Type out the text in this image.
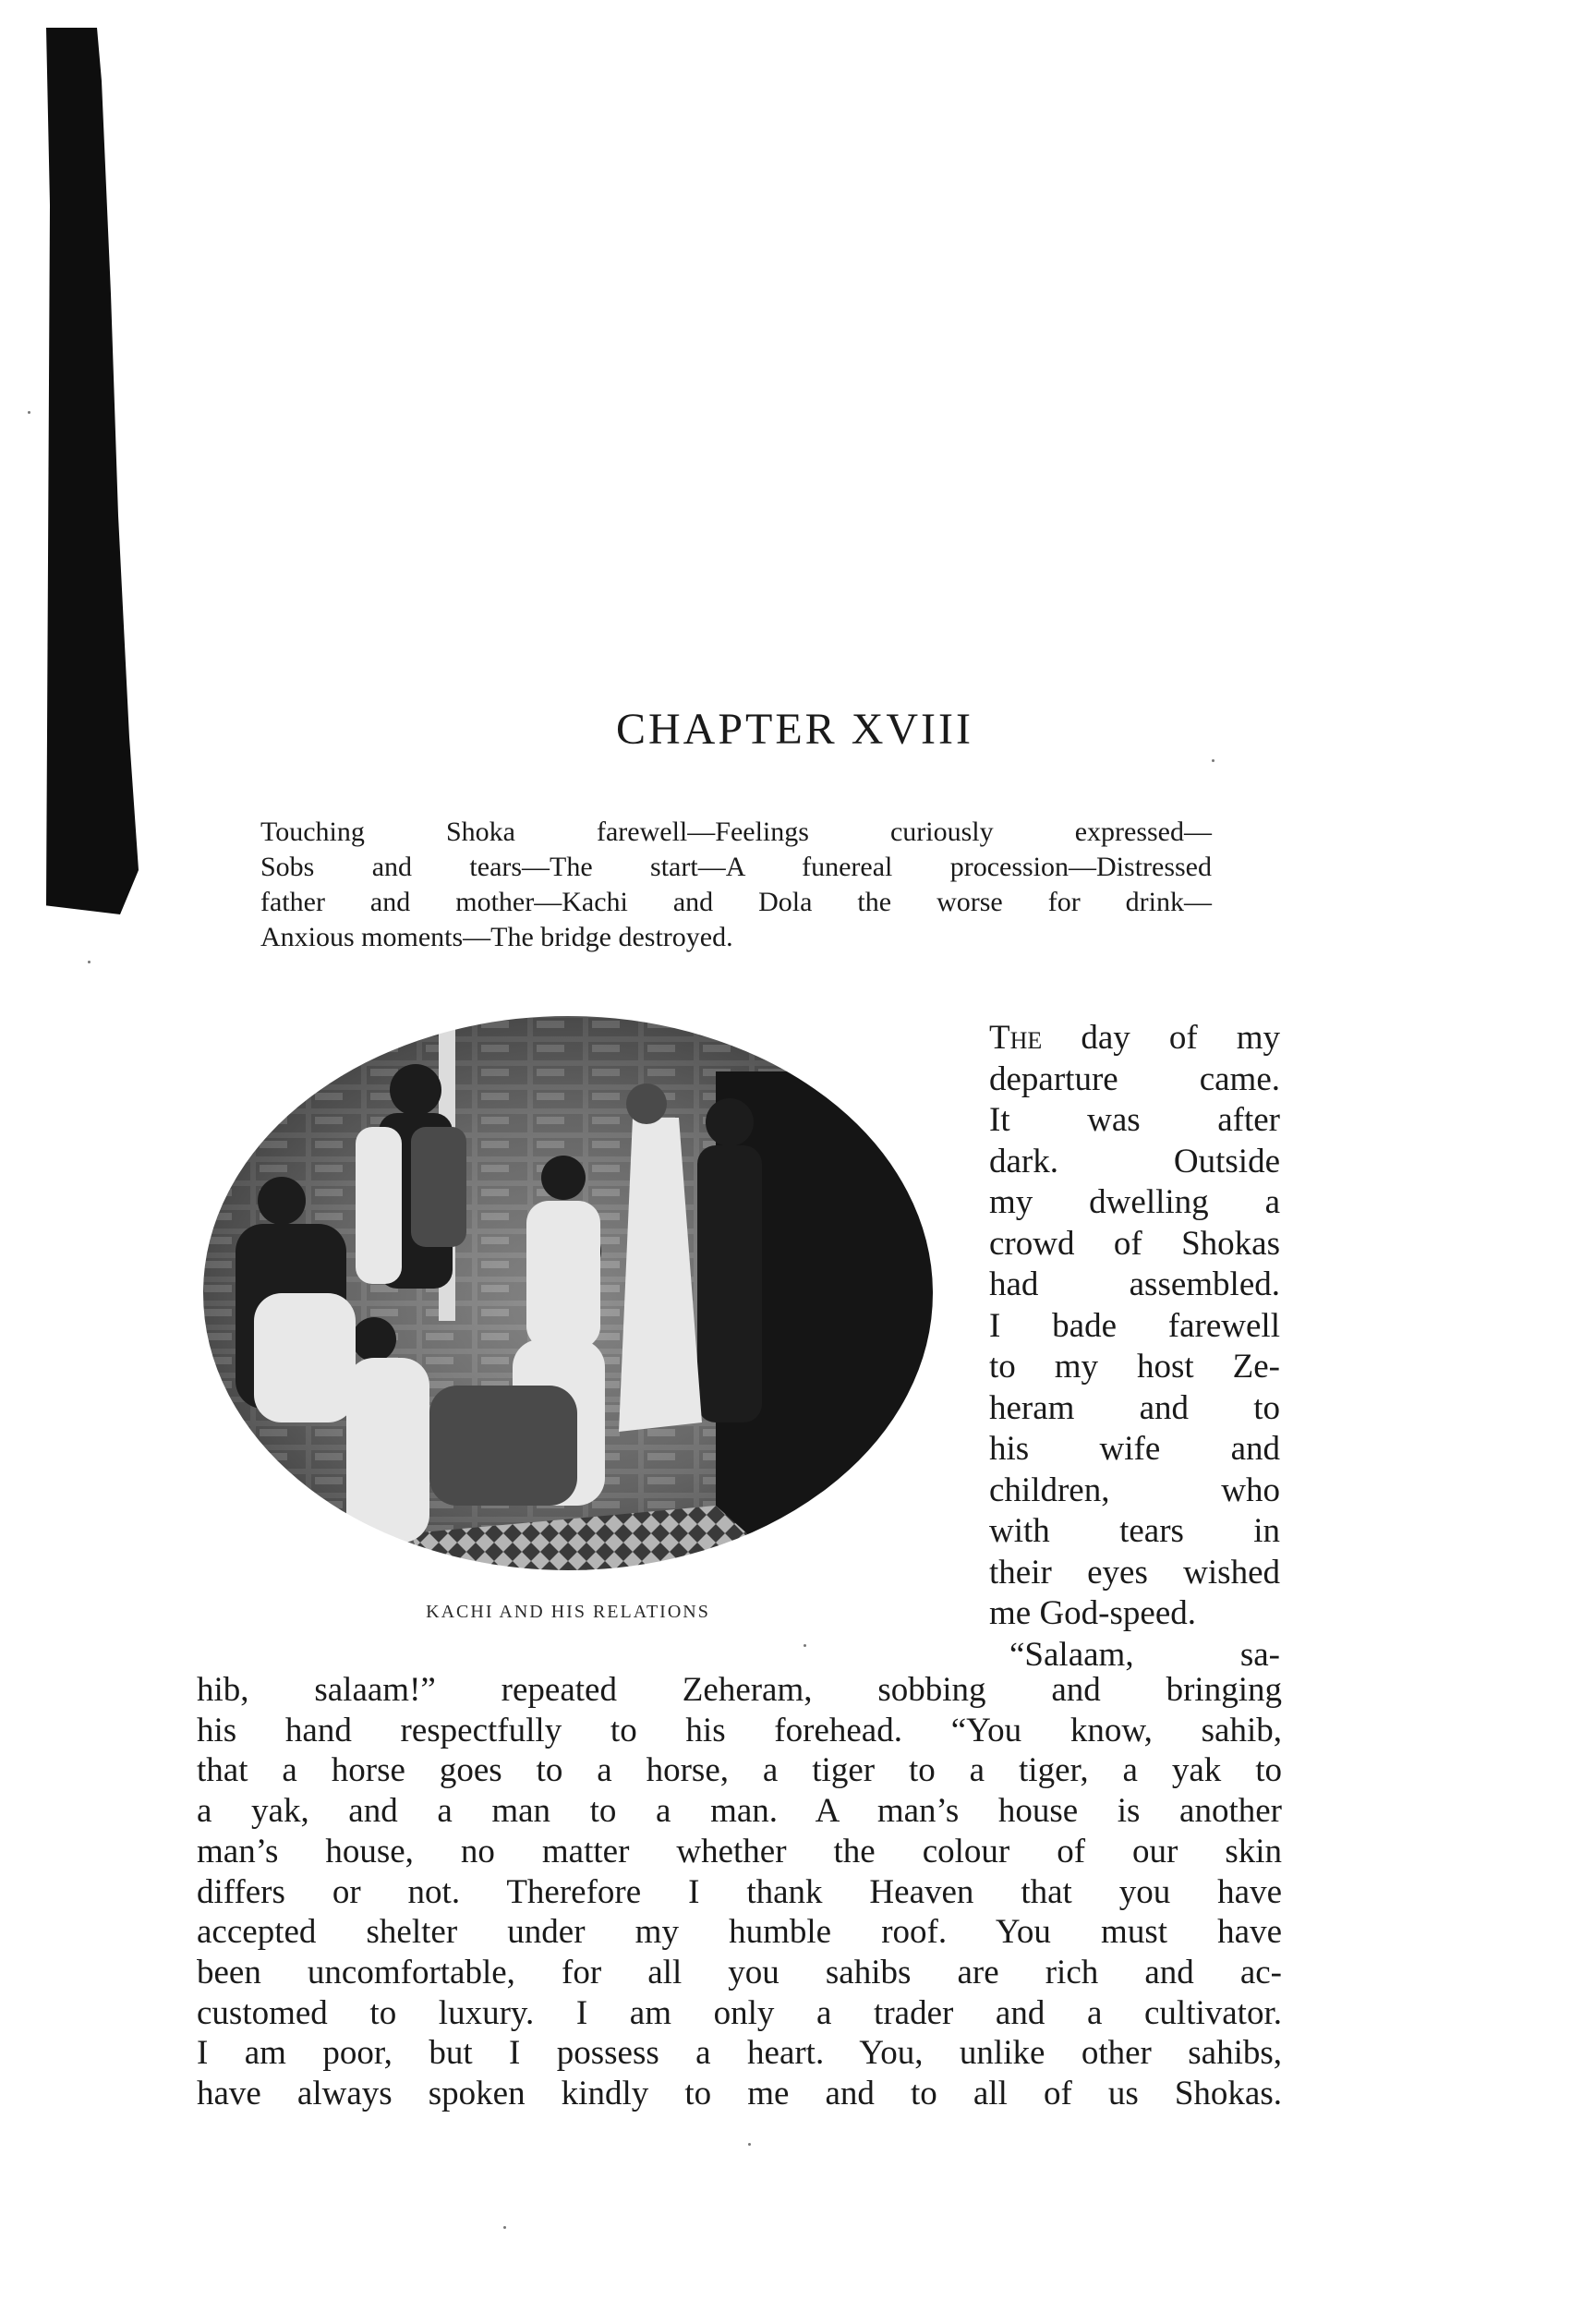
CHAPTER XVIII
Touching Shoka farewell—Feelings curiously expressed—
Sobs and tears—The start—A funereal procession—Distressed
father and mother—Kachi and Dola the worse for drink—
Anxious moments—The bridge destroyed.
KACHI AND HIS RELATIONS
The day of my
departure came.
It was after
dark. Outside
my dwelling a
crowd of Shokas
had assembled.
I bade farewell
to my host Ze-
heram and to
his wife and
children, who
with tears in
their eyes wished
me God-speed.
“Salaam, sa-
hib, salaam!” repeated Zeheram, sobbing and bringing
his hand respectfully to his forehead. “You know, sahib,
that a horse goes to a horse, a tiger to a tiger, a yak to
a yak, and a man to a man. A man’s house is another
man’s house, no matter whether the colour of our skin
differs or not. Therefore I thank Heaven that you have
accepted shelter under my humble roof. You must have
been uncomfortable, for all you sahibs are rich and ac-
customed to luxury. I am only a trader and a cultivator.
I am poor, but I possess a heart. You, unlike other sahibs,
have always spoken kindly to me and to all of us Shokas.
